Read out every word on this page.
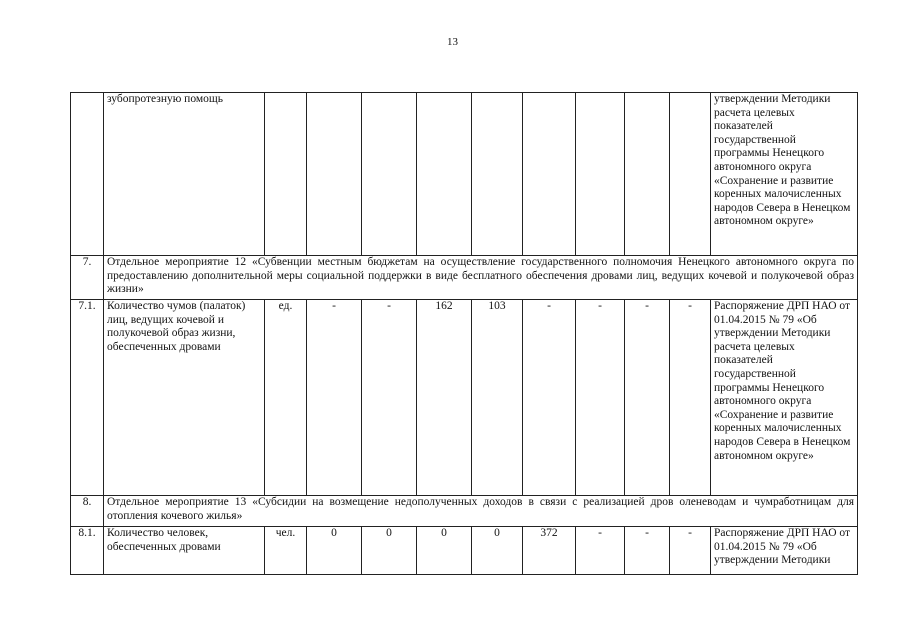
13
	зубопротезную помощь										утверждении Методики расчета целевых показателей государственной программы Ненецкого автономного округа «Сохранение и развитие коренных малочисленных народов Севера в Ненецком автономном округе»
7.	Отдельное мероприятие 12 «Субвенции местным бюджетам на осуществление государственного полномочия Ненецкого автономного округа по предоставлению дополнительной меры социальной поддержки в виде бесплатного обеспечения дровами лиц, ведущих кочевой и полукочевой образ жизни»										
7.1.	Количество чумов (палаток) лиц, ведущих кочевой и полукочевой образ жизни, обеспеченных дровами	ед.	-	-	162	103	-	-	-	-	Распоряжение ДРП НАО от 01.04.2015 № 79 «Об утверждении Методики расчета целевых показателей государственной программы Ненецкого автономного округа «Сохранение и развитие коренных малочисленных народов Севера в Ненецком автономном округе»
8.	Отдельное мероприятие 13 «Субсидии на возмещение недополученных доходов в связи с реализацией дров оленеводам и чумработницам для отопления кочевого жилья»										
8.1.	Количество человек, обеспеченных дровами	чел.	0	0	0	0	372	-	-	-	Распоряжение ДРП НАО от 01.04.2015 № 79 «Об утверждении Методики
